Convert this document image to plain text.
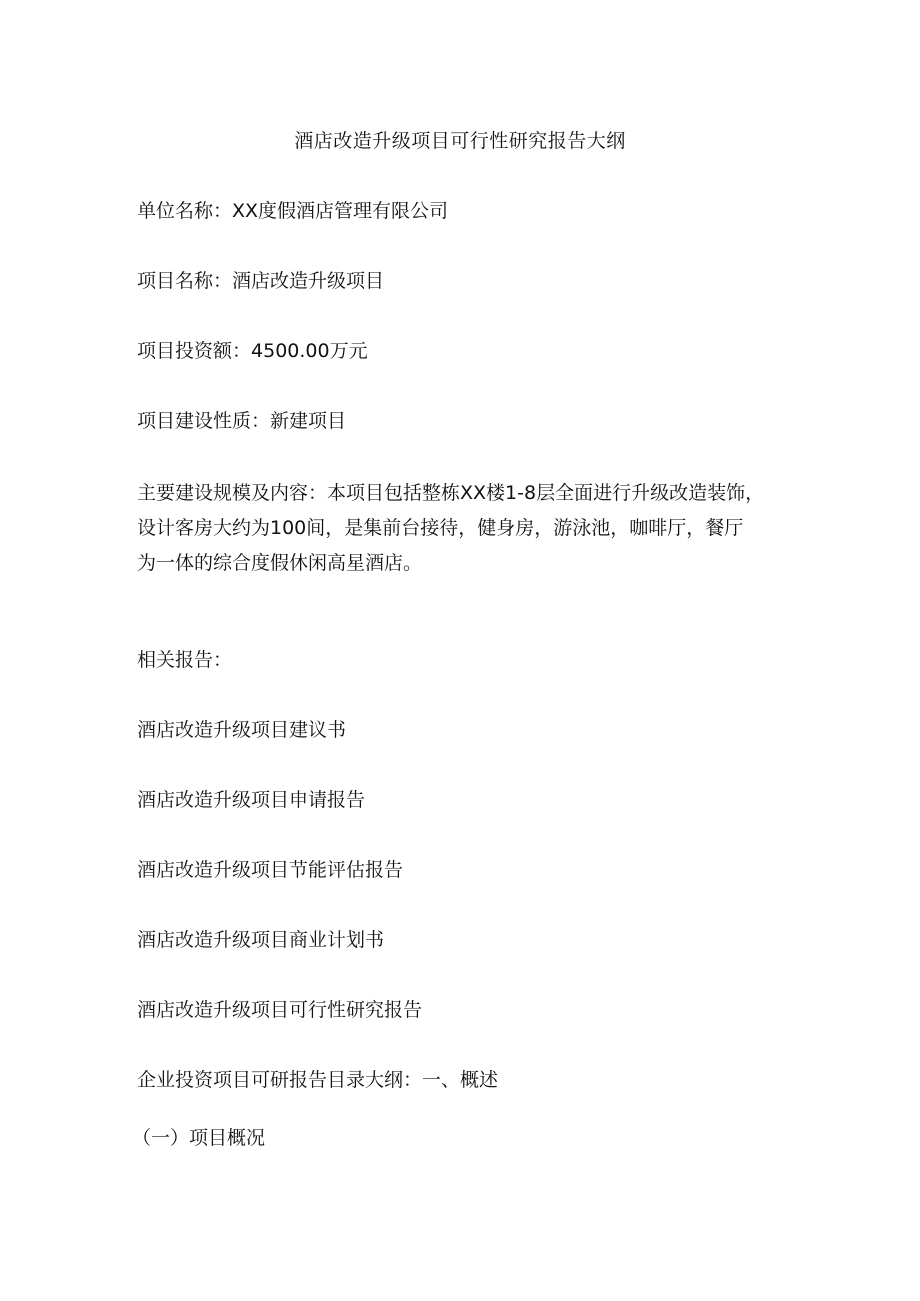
酒店改造升级项目可行性研究报告大纲
单位名称：XX度假酒店管理有限公司
项目名称：酒店改造升级项目
项目投资额：4500.00万元
项目建设性质：新建项目
主要建设规模及内容：本项目包括整栋XX楼1-8层全面进行升级改造装饰，
设计客房大约为100间，是集前台接待，健身房，游泳池，咖啡厅，餐厅
为一体的综合度假休闲高星酒店。
相关报告：
酒店改造升级项目建议书
酒店改造升级项目申请报告
酒店改造升级项目节能评估报告
酒店改造升级项目商业计划书
酒店改造升级项目可行性研究报告
企业投资项目可研报告目录大纲：一、概述
（一）项目概况
